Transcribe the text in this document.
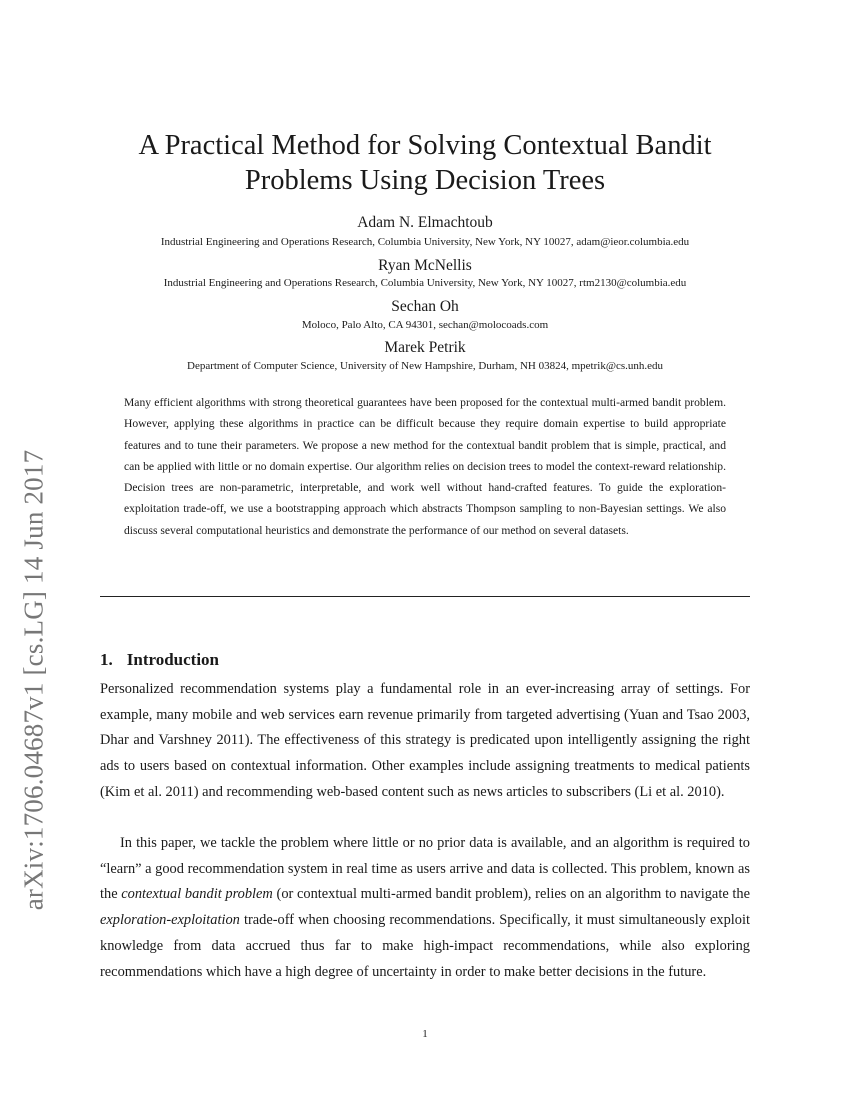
arXiv:1706.04687v1 [cs.LG] 14 Jun 2017
A Practical Method for Solving Contextual Bandit
Problems Using Decision Trees
Adam N. Elmachtoub
Industrial Engineering and Operations Research, Columbia University, New York, NY 10027, adam@ieor.columbia.edu
Ryan McNellis
Industrial Engineering and Operations Research, Columbia University, New York, NY 10027, rtm2130@columbia.edu
Sechan Oh
Moloco, Palo Alto, CA 94301, sechan@molocoads.com
Marek Petrik
Department of Computer Science, University of New Hampshire, Durham, NH 03824, mpetrik@cs.unh.edu

Many efficient algorithms with strong theoretical guarantees have been proposed for the contextual multi-armed bandit problem. However, applying these algorithms in practice can be difficult because they require domain expertise to build appropriate features and to tune their parameters. We propose a new method for the contextual bandit problem that is simple, practical, and can be applied with little or no domain expertise. Our algorithm relies on decision trees to model the context-reward relationship. Decision trees are non-parametric, interpretable, and work well without hand-crafted features. To guide the exploration-exploitation trade-off, we use a bootstrapping approach which abstracts Thompson sampling to non-Bayesian settings. We also discuss several computational heuristics and demonstrate the performance of our method on several datasets.

1. Introduction

Personalized recommendation systems play a fundamental role in an ever-increasing array of settings. For example, many mobile and web services earn revenue primarily from targeted advertising (Yuan and Tsao 2003, Dhar and Varshney 2011). The effectiveness of this strategy is predicated upon intelligently assigning the right ads to users based on contextual information. Other examples include assigning treatments to medical patients (Kim et al. 2011) and recommending web-based content such as news articles to subscribers (Li et al. 2010).

In this paper, we tackle the problem where little or no prior data is available, and an algorithm is required to “learn” a good recommendation system in real time as users arrive and data is collected. This problem, known as the contextual bandit problem (or contextual multi-armed bandit problem), relies on an algorithm to navigate the exploration-exploitation trade-off when choosing recommendations. Specifically, it must simultaneously exploit knowledge from data accrued thus far to make high-impact recommendations, while also exploring recommendations which have a high degree of uncertainty in order to make better decisions in the future.

1
